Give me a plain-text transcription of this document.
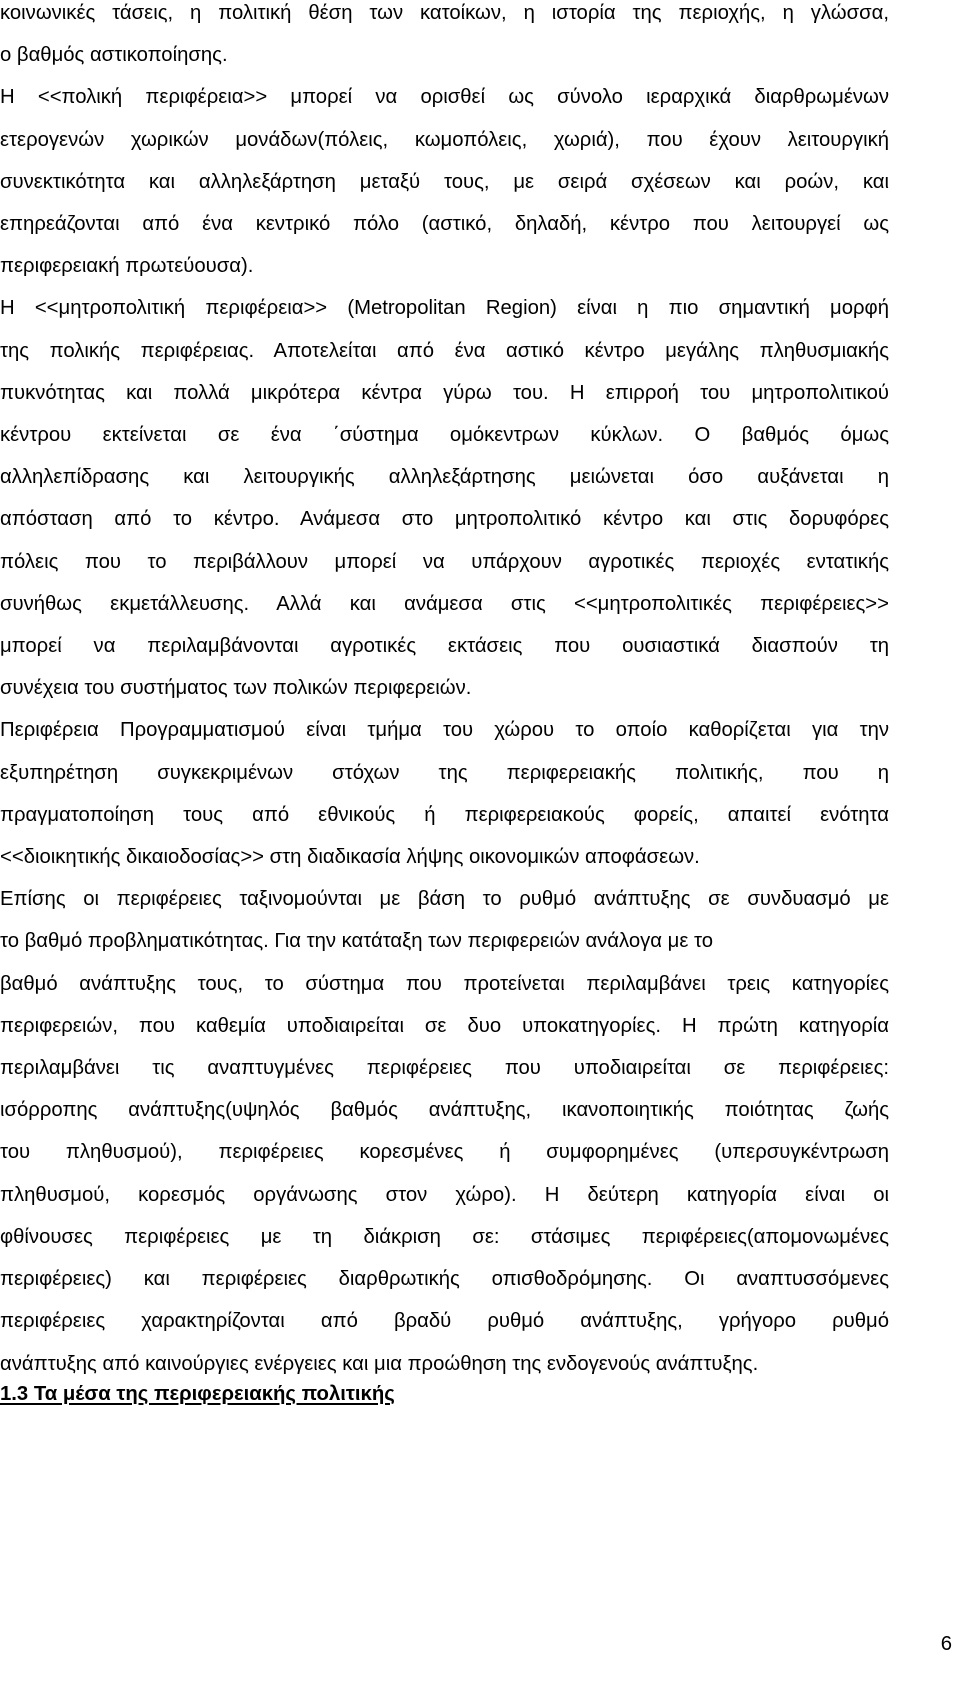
κοινωνικές τάσεις, η πολιτική θέση των κατοίκων, η ιστορία της περιοχής, η γλώσσα,

ο βαθμός αστικοποίησης.

Η <<πολική περιφέρεια>> μπορεί να ορισθεί ως σύνολο ιεραρχικά διαρθρωμένων

ετερογενών χωρικών μονάδων(πόλεις, κωμοπόλεις, χωριά), που έχουν λειτουργική

συνεκτικότητα και αλληλεξάρτηση μεταξύ τους, με σειρά σχέσεων και ροών, και

επηρεάζονται από ένα κεντρικό πόλο (αστικό, δηλαδή, κέντρο που λειτουργεί ως

περιφερειακή πρωτεύουσα).

Η <<μητροπολιτική περιφέρεια>> (Metropolitan Region) είναι η πιο σημαντική μορφή

της πολικής περιφέρειας. Αποτελείται από ένα αστικό κέντρο μεγάλης πληθυσμιακής

πυκνότητας και πολλά μικρότερα κέντρα γύρω του. Η επιρροή του μητροπολιτικού

κέντρου εκτείνεται σε ένα ΄σύστημα ομόκεντρων κύκλων. Ο βαθμός όμως

αλληλεπίδρασης και λειτουργικής αλληλεξάρτησης μειώνεται όσο αυξάνεται η

απόσταση από το κέντρο. Ανάμεσα στο μητροπολιτικό κέντρο και στις δορυφόρες

πόλεις που το περιβάλλουν μπορεί να υπάρχουν αγροτικές περιοχές εντατικής

συνήθως εκμετάλλευσης. Αλλά και ανάμεσα στις <<μητροπολιτικές περιφέρειες>>

μπορεί να περιλαμβάνονται αγροτικές εκτάσεις που ουσιαστικά διασπούν τη

συνέχεια του συστήματος των πολικών περιφερειών.

Περιφέρεια Προγραμματισμού είναι τμήμα του χώρου το οποίο καθορίζεται για την

εξυπηρέτηση συγκεκριμένων στόχων της περιφερειακής πολιτικής, που η

πραγματοποίηση τους από εθνικούς ή περιφερειακούς φορείς, απαιτεί ενότητα

<<διοικητικής δικαιοδοσίας>> στη διαδικασία λήψης οικονομικών αποφάσεων.

Επίσης οι περιφέρειες ταξινομούνται με βάση το ρυθμό ανάπτυξης σε συνδυασμό με

το βαθμό προβληματικότητας. Για την κατάταξη των περιφερειών ανάλογα με το

βαθμό ανάπτυξης τους, το σύστημα που προτείνεται περιλαμβάνει τρεις κατηγορίες

περιφερειών, που καθεμία υποδιαιρείται σε δυο υποκατηγορίες. Η πρώτη κατηγορία

περιλαμβάνει τις αναπτυγμένες περιφέρειες που υποδιαιρείται σε περιφέρειες:

ισόρροπης ανάπτυξης(υψηλός βαθμός ανάπτυξης, ικανοποιητικής ποιότητας ζωής

του πληθυσμού), περιφέρειες κορεσμένες ή συμφορημένες (υπερσυγκέντρωση

πληθυσμού, κορεσμός οργάνωσης στον χώρο). Η δεύτερη κατηγορία είναι οι

φθίνουσες περιφέρειες με τη διάκριση σε: στάσιμες περιφέρειες(απομονωμένες

περιφέρειες) και περιφέρειες διαρθρωτικής οπισθοδρόμησης. Οι αναπτυσσόμενες

περιφέρειες χαρακτηρίζονται από βραδύ ρυθμό ανάπτυξης, γρήγορο ρυθμό

ανάπτυξης από καινούργιες ενέργειες και μια προώθηση της ενδογενούς ανάπτυξης.

1.3 Τα μέσα της περιφερειακής πολιτικής
6
